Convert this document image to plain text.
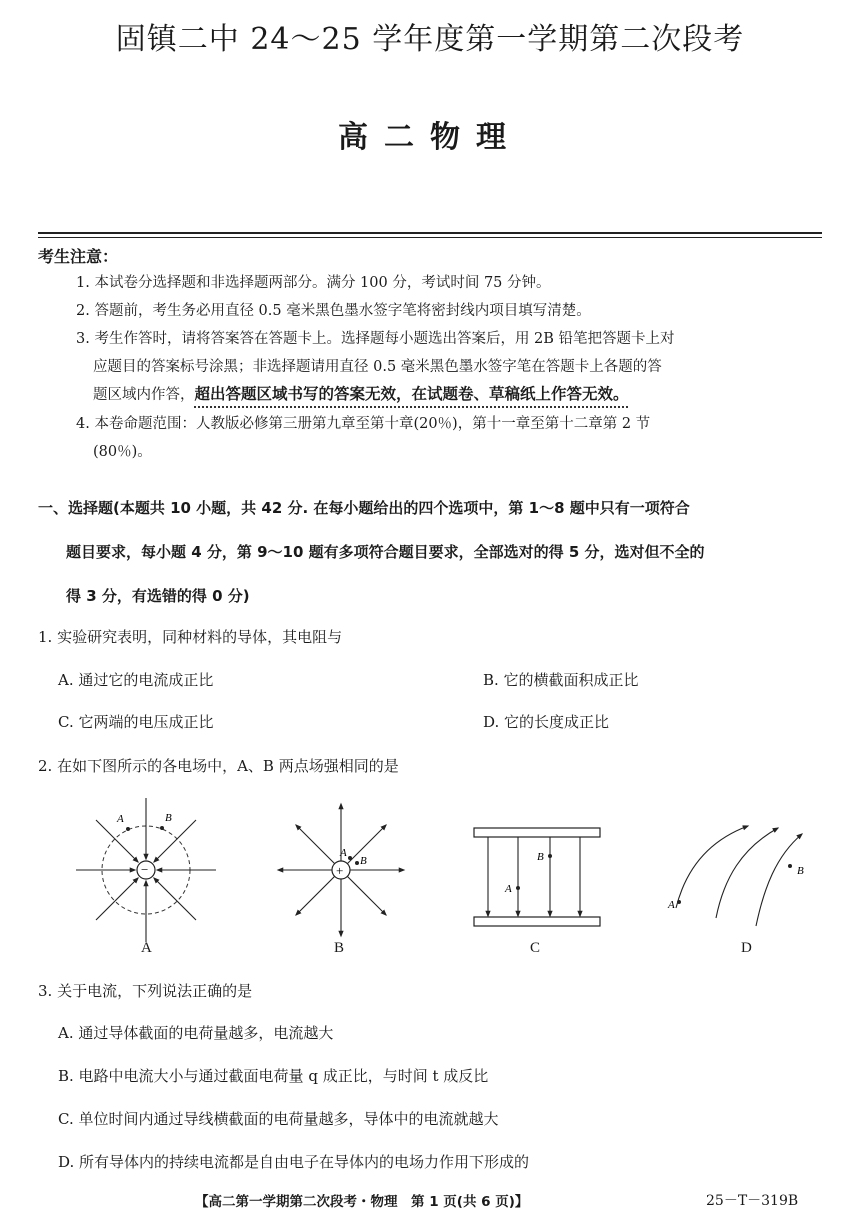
固镇二中 24～25 学年度第一学期第二次段考
高二物理
考生注意：
1. 本试卷分选择题和非选择题两部分。满分 100 分，考试时间 75 分钟。
2. 答题前，考生务必用直径 0.5 毫米黑色墨水签字笔将密封线内项目填写清楚。
3. 考生作答时，请将答案答在答题卡上。选择题每小题选出答案后，用 2B 铅笔把答题卡上对
应题目的答案标号涂黑；非选择题请用直径 0.5 毫米黑色墨水签字笔在答题卡上各题的答
题区域内作答，超出答题区域书写的答案无效，在试题卷、草稿纸上作答无效。
4. 本卷命题范围：人教版必修第三册第九章至第十章(20％)，第十一章至第十二章第 2 节
(80％)。
一、选择题(本题共 10 小题，共 42 分. 在每小题给出的四个选项中，第 1～8 题中只有一项符合
题目要求，每小题 4 分，第 9～10 题有多项符合题目要求，全部选对的得 5 分，选对但不全的
得 3 分，有选错的得 0 分)
1. 实验研究表明，同种材料的导体，其电阻与
A. 通过它的电流成正比	B. 它的横截面积成正比
C. 它两端的电压成正比	D. 它的长度成正比
2. 在如下图所示的各电场中，A、B 两点场强相同的是
−
A	B
A
+
A
B
B
A
B
C
A
B
D
3. 关于电流，下列说法正确的是
A. 通过导体截面的电荷量越多，电流越大
B. 电路中电流大小与通过截面电荷量 q 成正比，与时间 t 成反比
C. 单位时间内通过导线横截面的电荷量越多，导体中的电流就越大
D. 所有导体内的持续电流都是自由电子在导体内的电场力作用下形成的
【高二第一学期第二次段考・物理　第 1 页(共 6 页)】	25－T－319B
